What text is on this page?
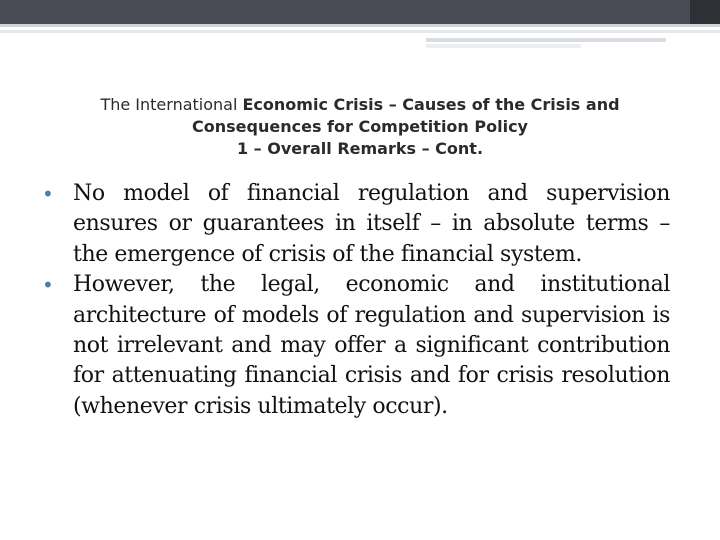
The International Economic Crisis – Causes of the Crisis and
Consequences for Competition Policy
1 – Overall Remarks – Cont.
• No model of financial regulation and supervision ensures or guarantees in itself – in absolute terms – the emergence of crisis of the financial system.
• However, the legal, economic and institutional architecture of models of regulation and supervision is not irrelevant and may offer a significant contribution for attenuating financial crisis and for crisis resolution (whenever crisis ultimately occur).
